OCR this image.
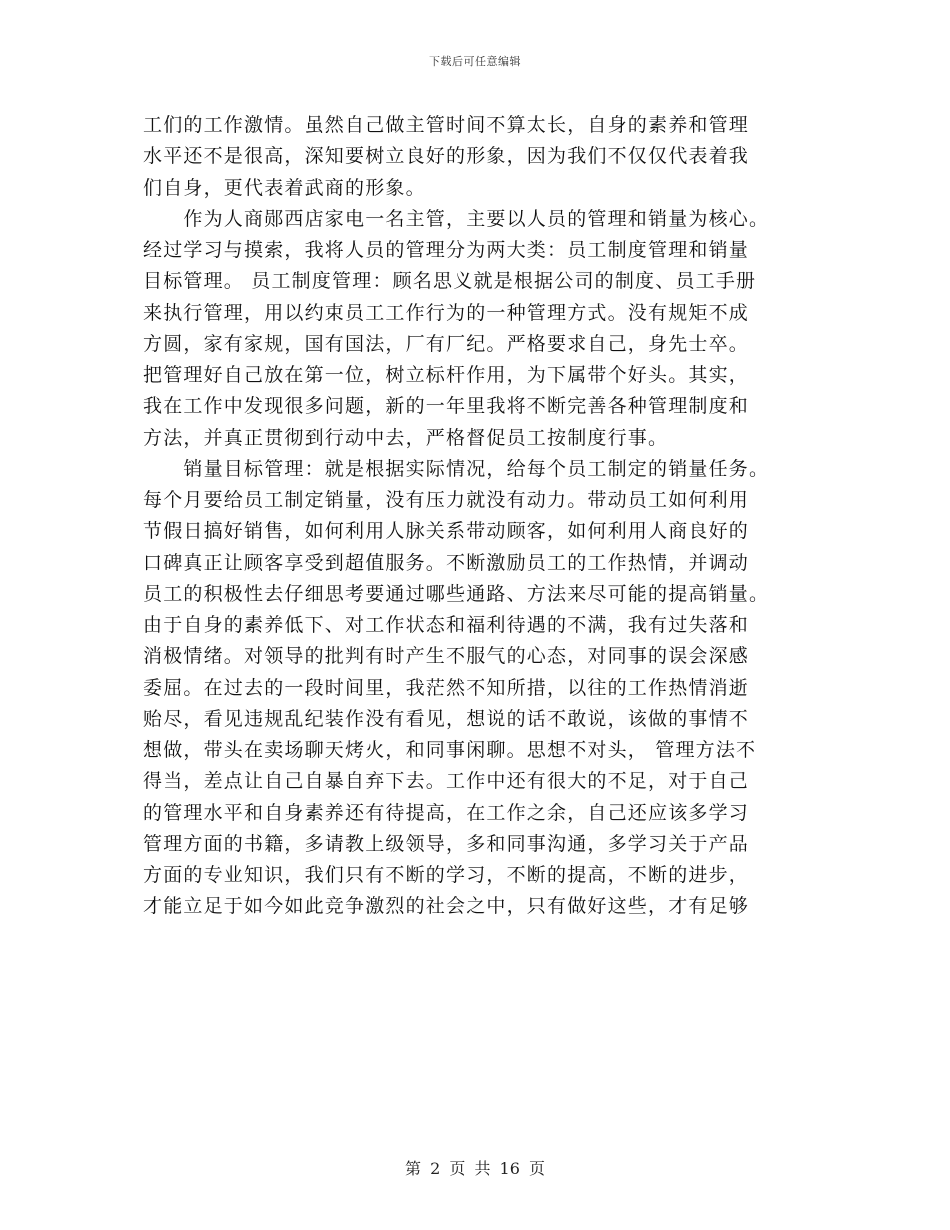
下载后可任意编辑
工们的工作激情。虽然自己做主管时间不算太长，自身的素养和管理
水平还不是很高，深知要树立良好的形象，因为我们不仅仅代表着我
们自身，更代表着武商的形象。
　　作为人商郧西店家电一名主管，主要以人员的管理和销量为核心。
经过学习与摸索，我将人员的管理分为两大类：员工制度管理和销量
目标管理。 员工制度管理：顾名思义就是根据公司的制度、员工手册
来执行管理，用以约束员工工作行为的一种管理方式。没有规矩不成
方圆，家有家规，国有国法，厂有厂纪。严格要求自己，身先士卒。
把管理好自己放在第一位，树立标杆作用，为下属带个好头。其实，
我在工作中发现很多问题，新的一年里我将不断完善各种管理制度和
方法，并真正贯彻到行动中去，严格督促员工按制度行事。
　　销量目标管理：就是根据实际情况，给每个员工制定的销量任务。
每个月要给员工制定销量，没有压力就没有动力。带动员工如何利用
节假日搞好销售，如何利用人脉关系带动顾客，如何利用人商良好的
口碑真正让顾客享受到超值服务。不断激励员工的工作热情，并调动
员工的积极性去仔细思考要通过哪些通路、方法来尽可能的提高销量。
由于自身的素养低下、对工作状态和福利待遇的不满，我有过失落和
消极情绪。对领导的批判有时产生不服气的心态，对同事的误会深感
委屈。在过去的一段时间里，我茫然不知所措，以往的工作热情消逝
贻尽，看见违规乱纪装作没有看见，想说的话不敢说，该做的事情不
想做，带头在卖场聊天烤火，和同事闲聊。思想不对头， 管理方法不
得当，差点让自己自暴自弃下去。工作中还有很大的不足，对于自己
的管理水平和自身素养还有待提高，在工作之余，自己还应该多学习
管理方面的书籍，多请教上级领导，多和同事沟通，多学习关于产品
方面的专业知识，我们只有不断的学习，不断的提高，不断的进步，
才能立足于如今如此竞争激烈的社会之中，只有做好这些，才有足够
第 2 页 共 16 页
